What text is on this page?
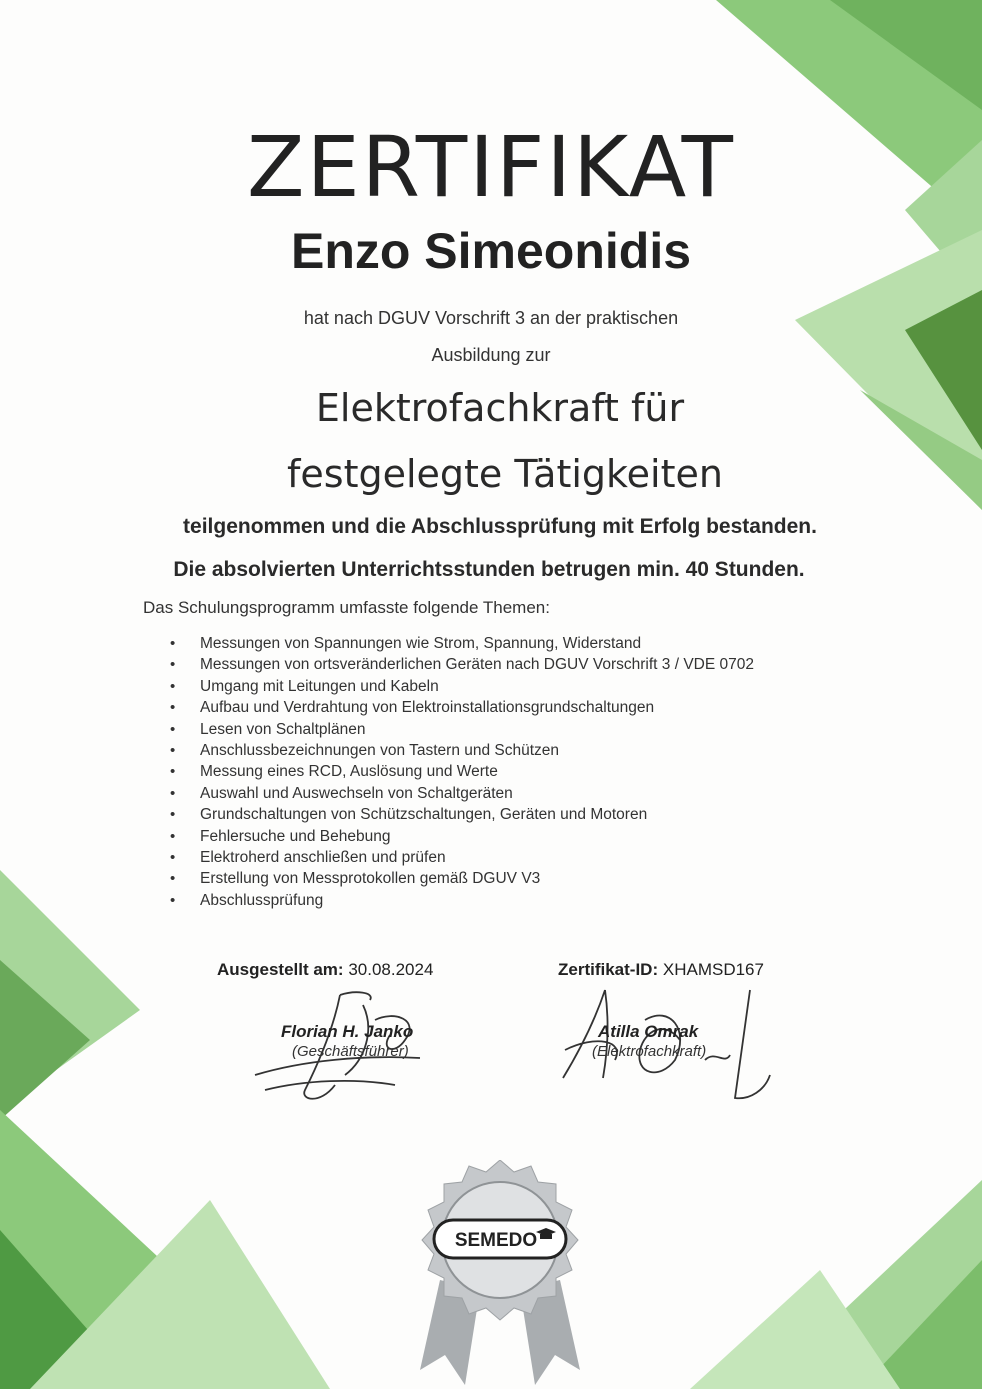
ZERTIFIKAT
Enzo Simeonidis
hat nach DGUV Vorschrift 3 an der praktischen
Ausbildung zur
Elektrofachkraft für
festgelegte Tätigkeiten
teilgenommen und die Abschlussprüfung mit Erfolg bestanden.
Die absolvierten Unterrichtsstunden betrugen min. 40 Stunden.
Das Schulungsprogramm umfasste folgende Themen:
• Messungen von Spannungen wie Strom, Spannung, Widerstand
• Messungen von ortsveränderlichen Geräten nach DGUV Vorschrift 3 / VDE 0702
• Umgang mit Leitungen und Kabeln
• Aufbau und Verdrahtung von Elektroinstallationsgrundschaltungen
• Lesen von Schaltplänen
• Anschlussbezeichnungen von Tastern und Schützen
• Messung eines RCD, Auslösung und Werte
• Auswahl und Auswechseln von Schaltgeräten
• Grundschaltungen von Schützschaltungen, Geräten und Motoren
• Fehlersuche und Behebung
• Elektroherd anschließen und prüfen
• Erstellung von Messprotokollen gemäß DGUV V3
• Abschlussprüfung
Ausgestellt am: 30.08.2024	Zertifikat-ID: XHAMSD167
Florian H. Janko
(Geschäftsführer)
Atilla Omrak
(Elektrofachkraft)
SEMEDO
